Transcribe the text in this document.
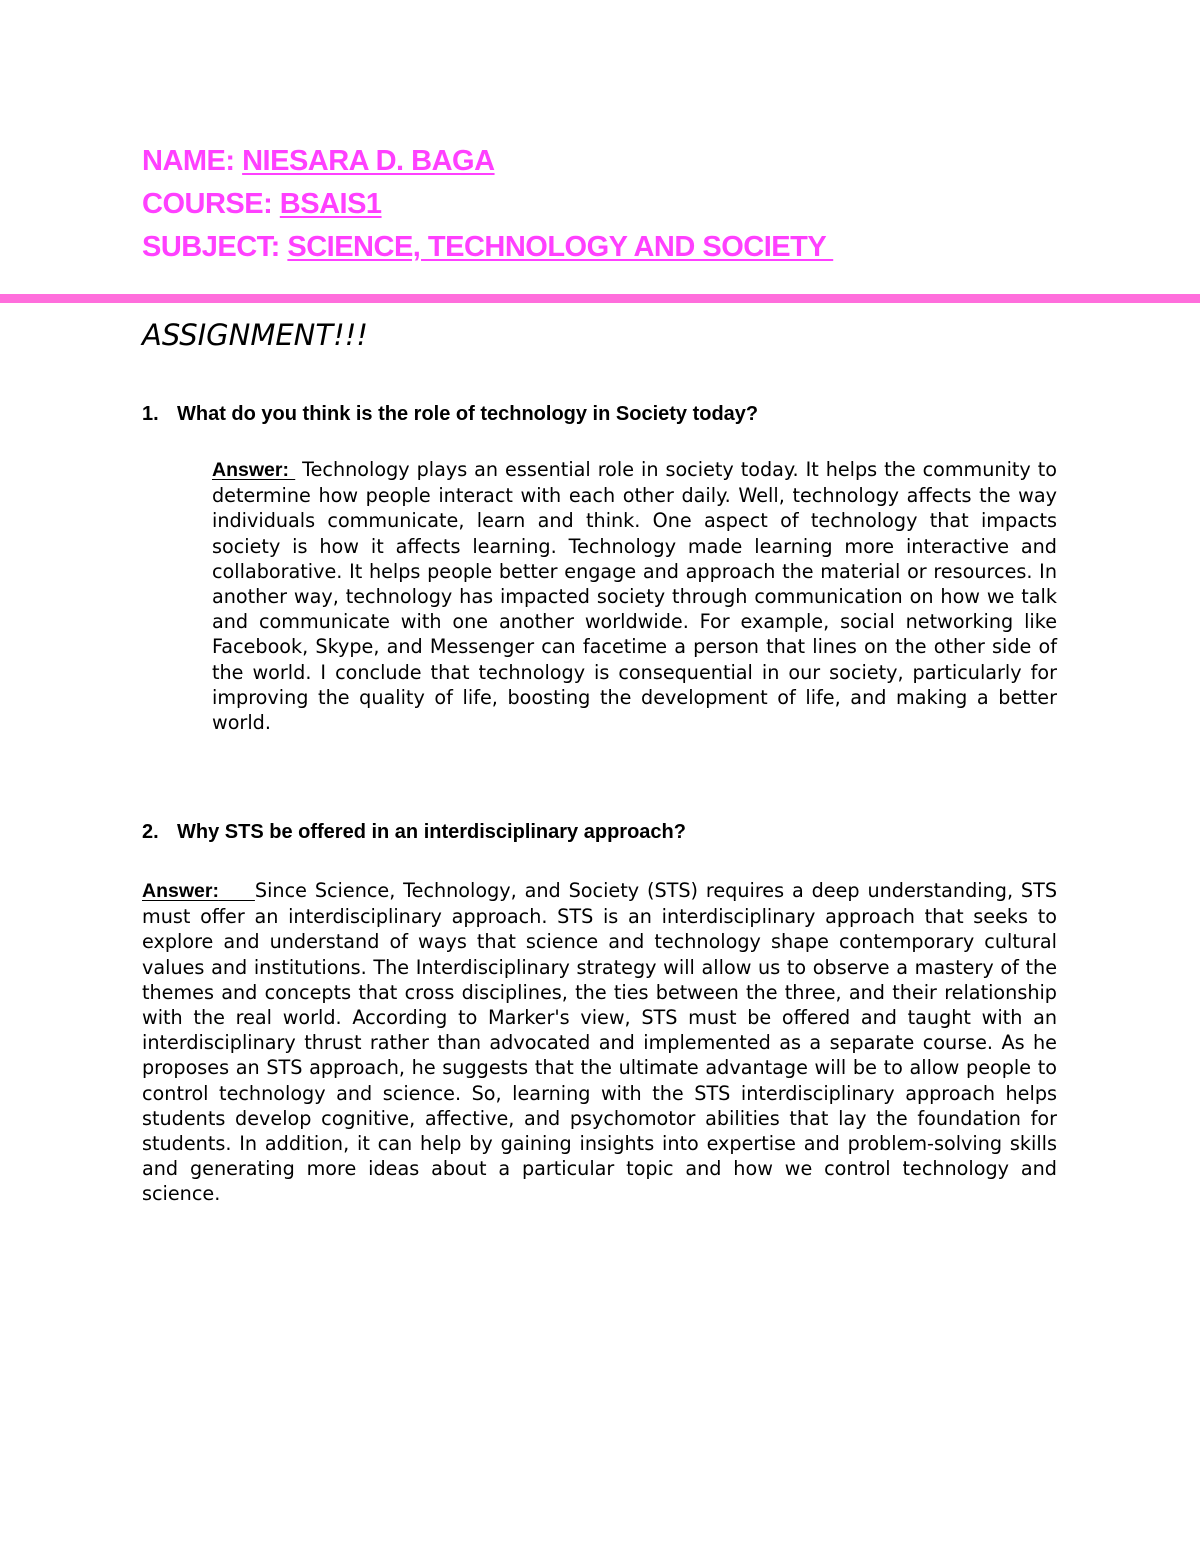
NAME: NIESARA D. BAGA
COURSE: BSAIS1
SUBJECT: SCIENCE, TECHNOLOGY AND SOCIETY
ASSIGNMENT!!!
1. What do you think is the role of technology in Society today?

Answer:  Technology plays an essential role in society today. It helps the community to determine how people interact with each other daily. Well, technology affects the way individuals communicate, learn and think. One aspect of technology that impacts society is how it affects learning. Technology made learning more interactive and collaborative. It helps people better engage and approach the material or resources. In another way, technology has impacted society through communication on how we talk and communicate with one another worldwide. For example, social networking like Facebook, Skype, and Messenger can facetime a person that lines on the other side of the world. I conclude that technology is consequential in our society, particularly for improving the quality of life, boosting the development of life, and making a better world.

2. Why STS be offered in an interdisciplinary approach?

Answer: Since Science, Technology, and Society (STS) requires a deep understanding, STS must offer an interdisciplinary approach. STS is an interdisciplinary approach that seeks to explore and understand of ways that science and technology shape contemporary cultural values and institutions. The Interdisciplinary strategy will allow us to observe a mastery of the themes and concepts that cross disciplines, the ties between the three, and their relationship with the real world. According to Marker's view, STS must be offered and taught with an interdisciplinary thrust rather than advocated and implemented as a separate course. As he proposes an STS approach, he suggests that the ultimate advantage will be to allow people to control technology and science. So, learning with the STS interdisciplinary approach helps students develop cognitive, affective, and psychomotor abilities that lay the foundation for students. In addition, it can help by gaining insights into expertise and problem-solving skills and generating more ideas about a particular topic and how we control technology and science.
